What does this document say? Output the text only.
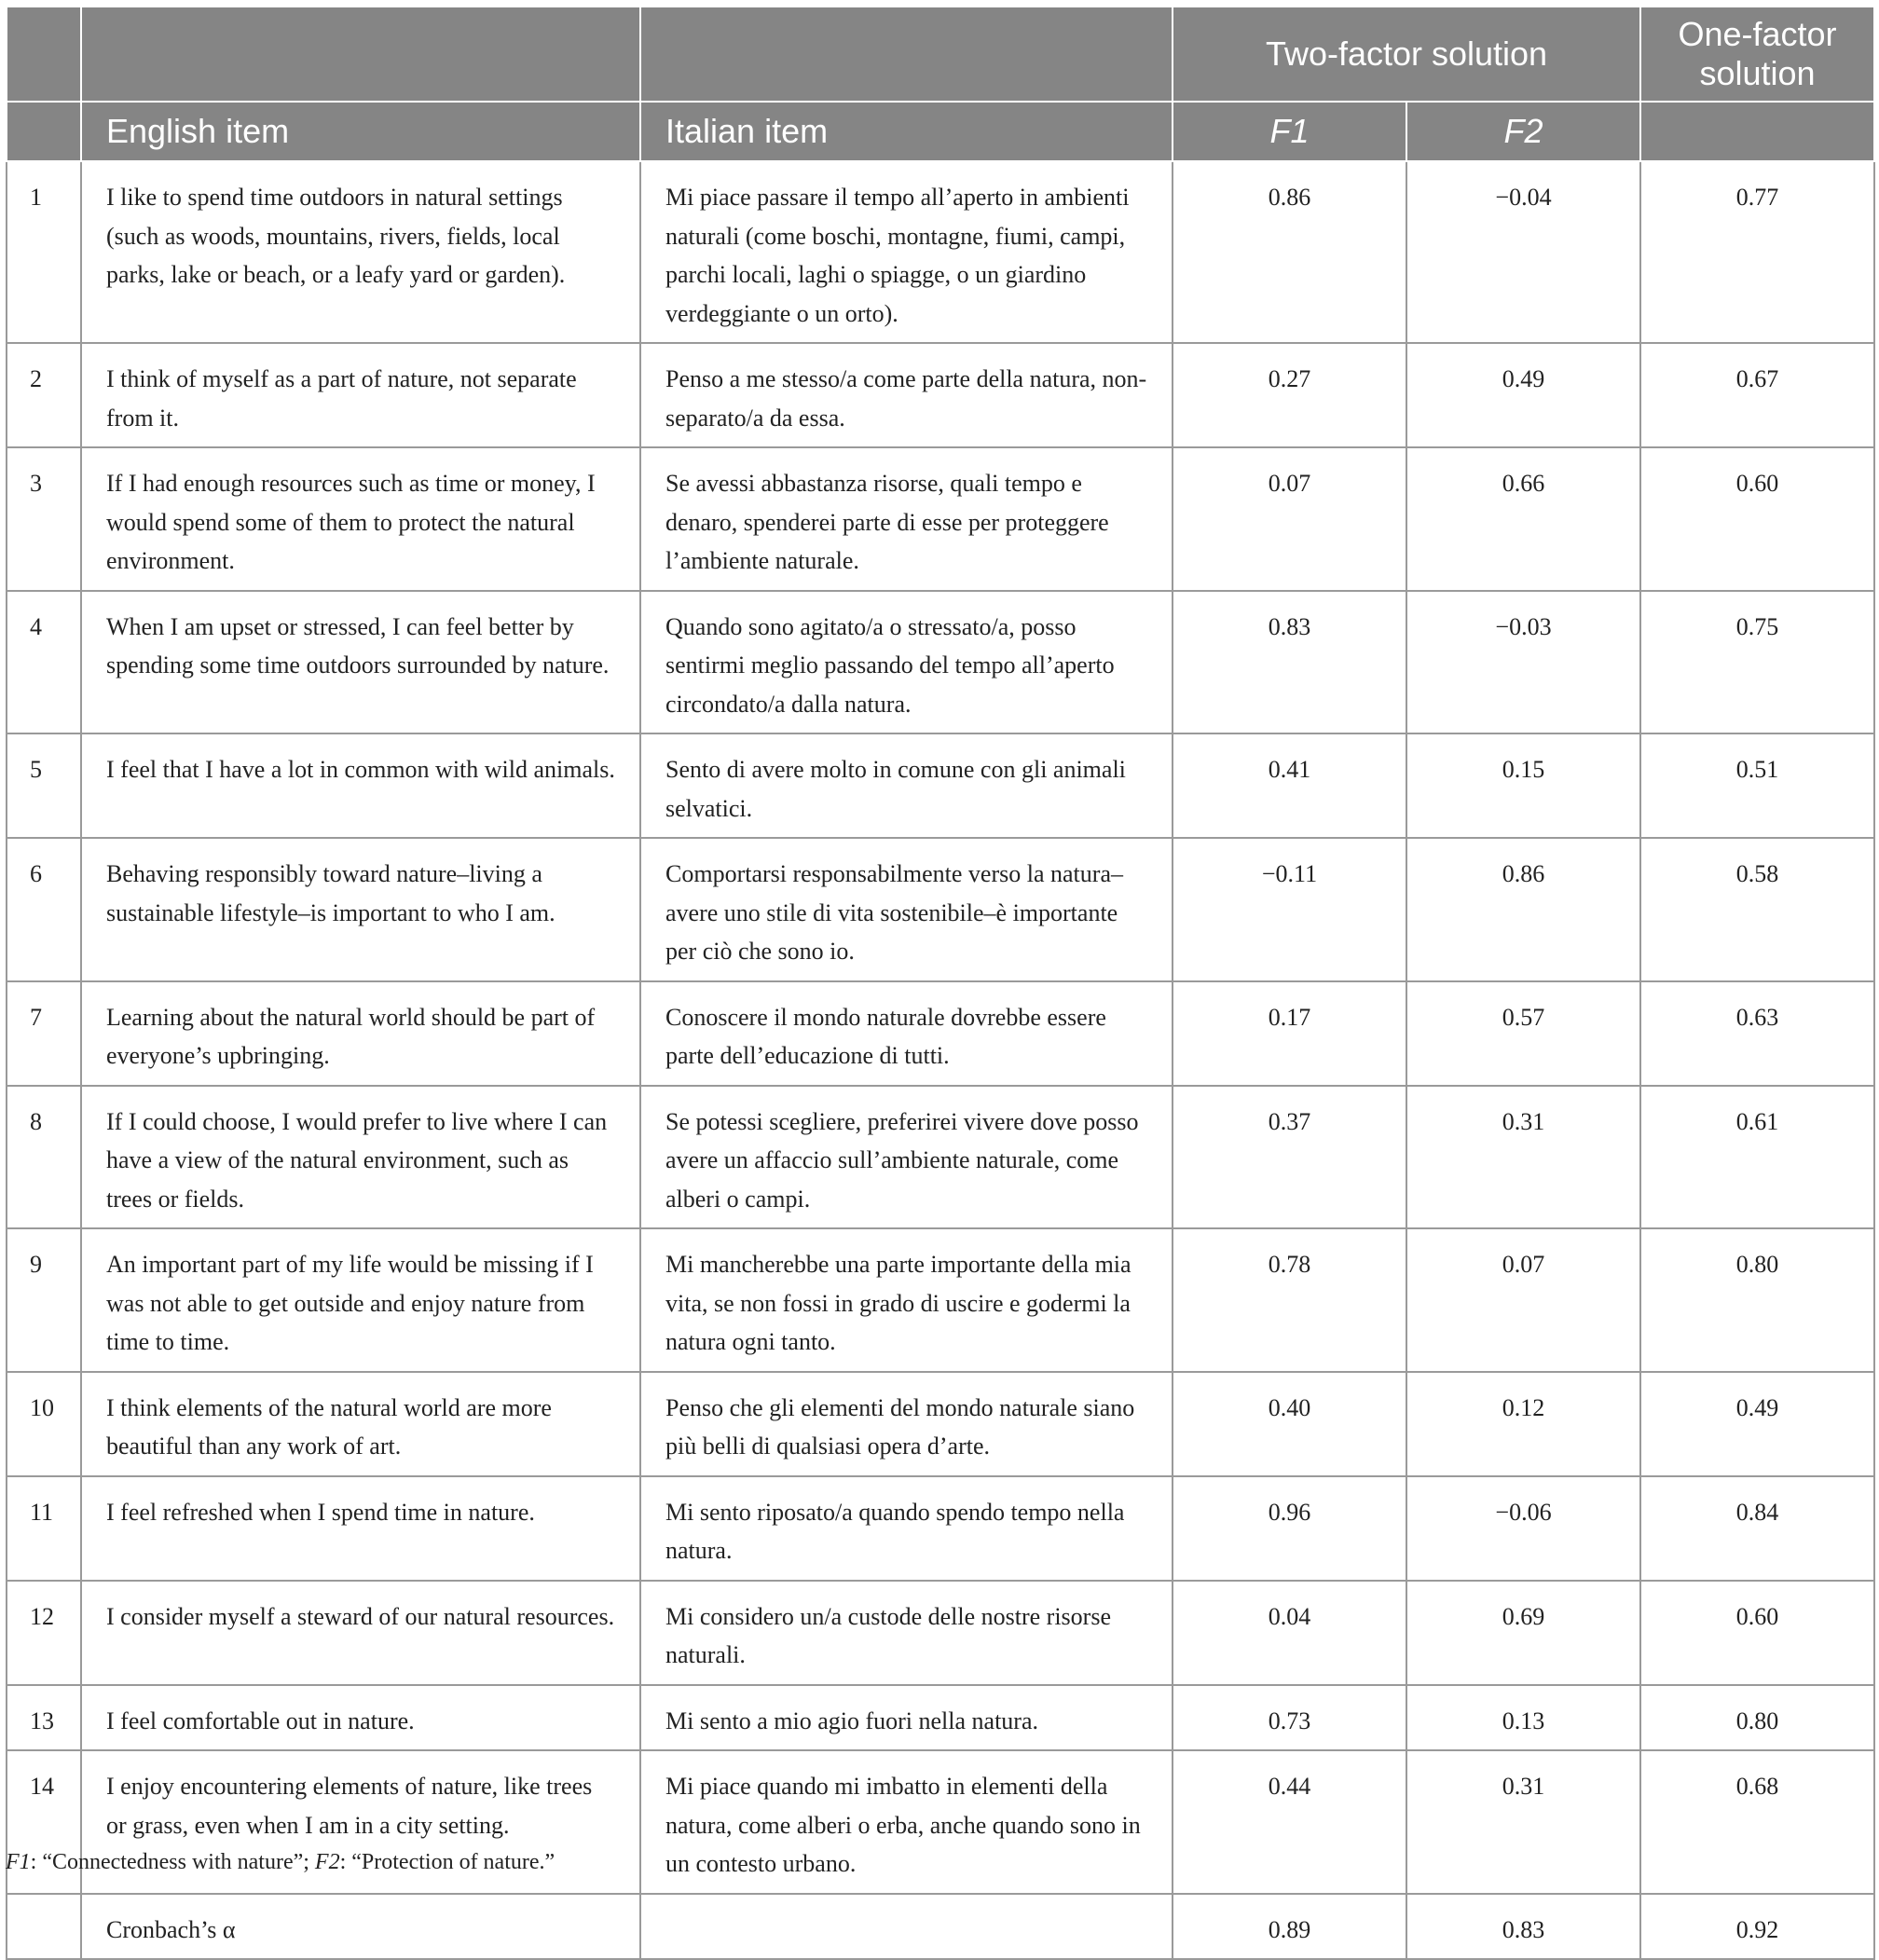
			Two-factor solution		One-factor solution
	English item	Italian item	F1	F2	
1	I like to spend time outdoors in natural settings (such as woods, mountains, rivers, fields, local parks, lake or beach, or a leafy yard or garden).	Mi piace passare il tempo all’aperto in ambienti naturali (come boschi, montagne, fiumi, campi, parchi locali, laghi o spiagge, o un giardino verdeggiante o un orto).	0.86	−0.04	0.77
2	I think of myself as a part of nature, not separate from it.	Penso a me stesso/a come parte della natura, non-separato/a da essa.	0.27	0.49	0.67
3	If I had enough resources such as time or money, I would spend some of them to protect the natural environment.	Se avessi abbastanza risorse, quali tempo e denaro, spenderei parte di esse per proteggere l’ambiente naturale.	0.07	0.66	0.60
4	When I am upset or stressed, I can feel better by spending some time outdoors surrounded by nature.	Quando sono agitato/a o stressato/a, posso sentirmi meglio passando del tempo all’aperto circondato/a dalla natura.	0.83	−0.03	0.75
5	I feel that I have a lot in common with wild animals.	Sento di avere molto in comune con gli animali selvatici.	0.41	0.15	0.51
6	Behaving responsibly toward nature–living a sustainable lifestyle–is important to who I am.	Comportarsi responsabilmente verso la natura–avere uno stile di vita sostenibile–è importante per ciò che sono io.	−0.11	0.86	0.58
7	Learning about the natural world should be part of everyone’s upbringing.	Conoscere il mondo naturale dovrebbe essere parte dell’educazione di tutti.	0.17	0.57	0.63
8	If I could choose, I would prefer to live where I can have a view of the natural environment, such as trees or fields.	Se potessi scegliere, preferirei vivere dove posso avere un affaccio sull’ambiente naturale, come alberi o campi.	0.37	0.31	0.61
9	An important part of my life would be missing if I was not able to get outside and enjoy nature from time to time.	Mi mancherebbe una parte importante della mia vita, se non fossi in grado di uscire e godermi la natura ogni tanto.	0.78	0.07	0.80
10	I think elements of the natural world are more beautiful than any work of art.	Penso che gli elementi del mondo naturale siano più belli di qualsiasi opera d’arte.	0.40	0.12	0.49
11	I feel refreshed when I spend time in nature.	Mi sento riposato/a quando spendo tempo nella natura.	0.96	−0.06	0.84
12	I consider myself a steward of our natural resources.	Mi considero un/a custode delle nostre risorse naturali.	0.04	0.69	0.60
13	I feel comfortable out in nature.	Mi sento a mio agio fuori nella natura.	0.73	0.13	0.80
14	I enjoy encountering elements of nature, like trees or grass, even when I am in a city setting.	Mi piace quando mi imbatto in elementi della natura, come alberi o erba, anche quando sono in un contesto urbano.	0.44	0.31	0.68
	Cronbach’s α		0.89	0.83	0.92
F1: “Connectedness with nature”; F2: “Protection of nature.”
